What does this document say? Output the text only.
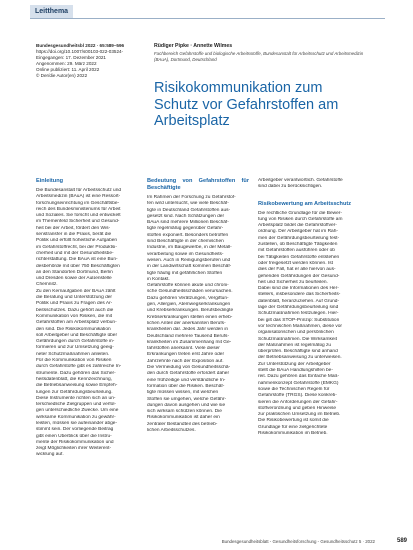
Leitthema
Bundesgesundheitsbl 2022 · 65:589–596
https://doi.org/10.1007/s00103-022-03524-
Eingegangen: 17. Dezember 2021
Angenommen: 29. März 2022
Online publiziert: 11. April 2022
© Der/die Autor(en) 2022
Rüdiger Pipke · Annette Wilmes
Fachbereich Gefahrstoffe und biologische Arbeitsstoffe, Bundesanstalt für Arbeitsschutz und Arbeitsmedizin (BAuA), Dortmund, Deutschland
Risikokommunikation zum
Schutz vor Gefahrstoffen am
Arbeitsplatz
Einleitung
Die Bundesanstalt für Arbeitsschutz und
Arbeitsmedizin (BAuA) ist eine Ressort-
forschungseinrichtung im Geschäftsbe-
reich des Bundesministeriums für Arbeit
und Soziales. Sie forscht und entwickelt
im Themenfeld Sicherheit und Gesund-
heit bei der Arbeit, fördert den Wis-
senstransfer in die Praxis, berät die
Politik und erfüllt hoheitliche Aufgaben
im Gefahrstoffrecht, bei der Produktsi-
cherheit und mit der Gesundheitsbe-
richterstattung. Die BAuA ist eine Bun-
desbehörde mit über 750 Beschäftigten
an den Standorten Dortmund, Berlin
und Dresden sowie der Außenstelle
Chemnitz.
Zu den Kernaufgaben der BAuA zählt
die Beratung und Unterstützung der
Politik und Praxis zu Fragen des Ar-
beitsschutzes. Dazu gehört auch die
Kommunikation von Risiken, die mit
Gefahrstoffen am Arbeitsplatz verbun-
den sind. Die Risikokommunikation
soll Arbeitgeber und Beschäftigte über
Gefährdungen durch Gefahrstoffe in-
formieren und zur Umsetzung geeig-
neter Schutzmaßnahmen anleiten.
Für die Kommunikation von Risiken
durch Gefahrstoffe gibt es zahlreiche In-
strumente. Dazu gehören das Sicher-
heitsdatenblatt, die Kennzeichnung,
die Betriebsanweisung sowie Empfeh-
lungen zur Gefährdungsbeurteilung.
Diese Instrumente richten sich an un-
terschiedliche Zielgruppen und verfol-
gen unterschiedliche Zwecke. Um eine
wirksame Kommunikation zu gewähr-
leisten, müssen sie aufeinander abge-
stimmt sein. Der vorliegende Beitrag
gibt einen Überblick über die Instru-
mente der Risikokommunikation und
zeigt Möglichkeiten ihrer Weiterent-
wicklung auf.
Bedeutung von Gefahrstoffen für Beschäftigte
Im Rahmen der Forschung zu Gefahrstof-
fen wird untersucht, wie viele Beschäf-
tigte in Deutschland Gefahrstoffen aus-
gesetzt sind. Nach Schätzungen der
BAuA sind mehrere Millionen Beschäf-
tigte regelmäßig gegenüber Gefahr-
stoffen exponiert. Besonders betroffen
sind Beschäftigte in der chemischen
Industrie, im Baugewerbe, in der Metall-
verarbeitung sowie im Gesundheits-
wesen. Auch in Reinigungsberufen und
in der Landwirtschaft kommen Beschäf-
tigte häufig mit gefährlichen Stoffen
in Kontakt.
Gefahrstoffe können akute und chroni-
sche Gesundheitsschäden verursachen.
Dazu gehören Verätzungen, Vergiftun-
gen, Allergien, Atemwegserkrankungen
und Krebserkrankungen. Berufsbedingte
Krebserkrankungen stellen einen erheb-
lichen Anteil der anerkannten Berufs-
krankheiten dar. Jedes Jahr werden in
Deutschland mehrere Tausend Berufs-
krankheiten im Zusammenhang mit Ge-
fahrstoffen anerkannt. Viele dieser
Erkrankungen treten erst Jahre oder
Jahrzehnte nach der Exposition auf.
Die Vermeidung von Gesundheitsschä-
den durch Gefahrstoffe erfordert daher
eine frühzeitige und verständliche In-
formation über die Risiken. Beschäf-
tigte müssen wissen, mit welchen
Stoffen sie umgehen, welche Gefähr-
dungen davon ausgehen und wie sie
sich wirksam schützen können. Die
Risikokommunikation ist daher ein
zentraler Bestandteil des betrieb-
lichen Arbeitsschutzes.
Arbeitgeber verantwortlich. Gefahrstoffe
sind dabei zu berücksichtigen.
Risikobewertung am Arbeitsschutz
Die rechtliche Grundlage für die Bewer-
tung von Risiken durch Gefahrstoffe am
Arbeitsplatz bildet die Gefahrstoffver-
ordnung. Der Arbeitgeber hat im Rah-
men der Gefährdungsbeurteilung fest-
zustellen, ob Beschäftigte Tätigkeiten
mit Gefahrstoffen ausführen oder ob
bei Tätigkeiten Gefahrstoffe entstehen
oder freigesetzt werden können. Ist
dies der Fall, hat er alle hiervon aus-
gehenden Gefährdungen der Gesund-
heit und Sicherheit zu beurteilen.
Dabei sind die Informationen des Her-
stellers, insbesondere das Sicherheits-
datenblatt, heranzuziehen. Auf Grund-
lage der Gefährdungsbeurteilung sind
Schutzmaßnahmen festzulegen. Hier-
bei gilt das STOP-Prinzip: Substitution
vor technischen Maßnahmen, diese vor
organisatorischen und persönlichen
Schutzmaßnahmen. Die Wirksamkeit
der Maßnahmen ist regelmäßig zu
überprüfen. Beschäftigte sind anhand
der Betriebsanweisung zu unterweisen.
Zur Unterstützung der Arbeitgeber
stellt die BAuA Handlungshilfen be-
reit. Dazu gehören das Einfache Maß-
nahmenkonzept Gefahrstoffe (EMKG)
sowie die Technischen Regeln für
Gefahrstoffe (TRGS). Diese konkreti-
sieren die Anforderungen der Gefahr-
stoffverordnung und geben Hinweise
zur praktischen Umsetzung im Betrieb.
Die Risikobewertung ist somit die
Grundlage für eine zielgerichtete
Risikokommunikation im Betrieb.
Bundesgesundheitsblatt - Gesundheitsforschung - Gesundheitsschutz 5 · 2022	589
